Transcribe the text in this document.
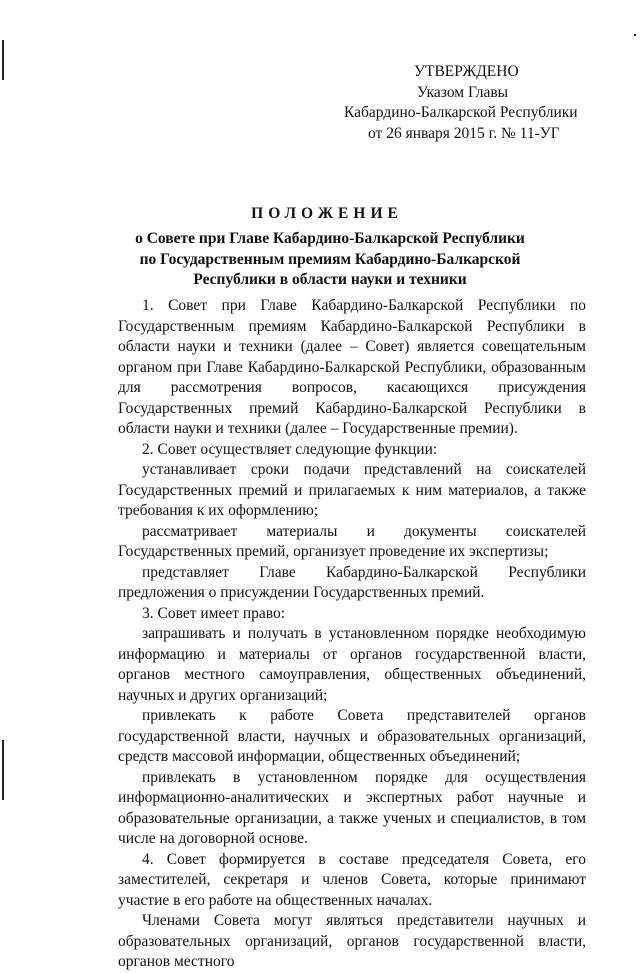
УТВЕРЖДЕНО
Указом Главы
Кабардино-Балкарской Республики
от 26 января 2015 г. № 11-УГ
ПОЛОЖЕНИЕ
о Совете при Главе Кабардино-Балкарской Республики
по Государственным премиям Кабардино-Балкарской
Республики в области науки и техники

1. Совет при Главе Кабардино-Балкарской Республики по Государственным премиям Кабардино-Балкарской Республики в области науки и техники (далее – Совет) является совещательным органом при Главе Кабардино-Балкарской Республики, образованным для рассмотрения вопросов, касающихся присуждения Государственных премий Кабардино-Балкарской Республики в области науки и техники (далее – Государственные премии).

2. Совет осуществляет следующие функции:

устанавливает сроки подачи представлений на соискателей Государственных премий и прилагаемых к ним материалов, а также требования к их оформлению;

рассматривает материалы и документы соискателей Государственных премий, организует проведение их экспертизы;

представляет Главе Кабардино-Балкарской Республики предложения о присуждении Государственных премий.

3. Совет имеет право:

запрашивать и получать в установленном порядке необходимую информацию и материалы от органов государственной власти, органов местного самоуправления, общественных объединений, научных и других организаций;

привлекать к работе Совета представителей органов государственной власти, научных и образовательных организаций, средств массовой информации, общественных объединений;

привлекать в установленном порядке для осуществления информационно-аналитических и экспертных работ научные и образовательные организации, а также ученых и специалистов, в том числе на договорной основе.

4. Совет формируется в составе председателя Совета, его заместителей, секретаря и членов Совета, которые принимают участие в его работе на общественных началах.

Членами Совета могут являться представители научных и образовательных организаций, органов государственной власти, органов местного
